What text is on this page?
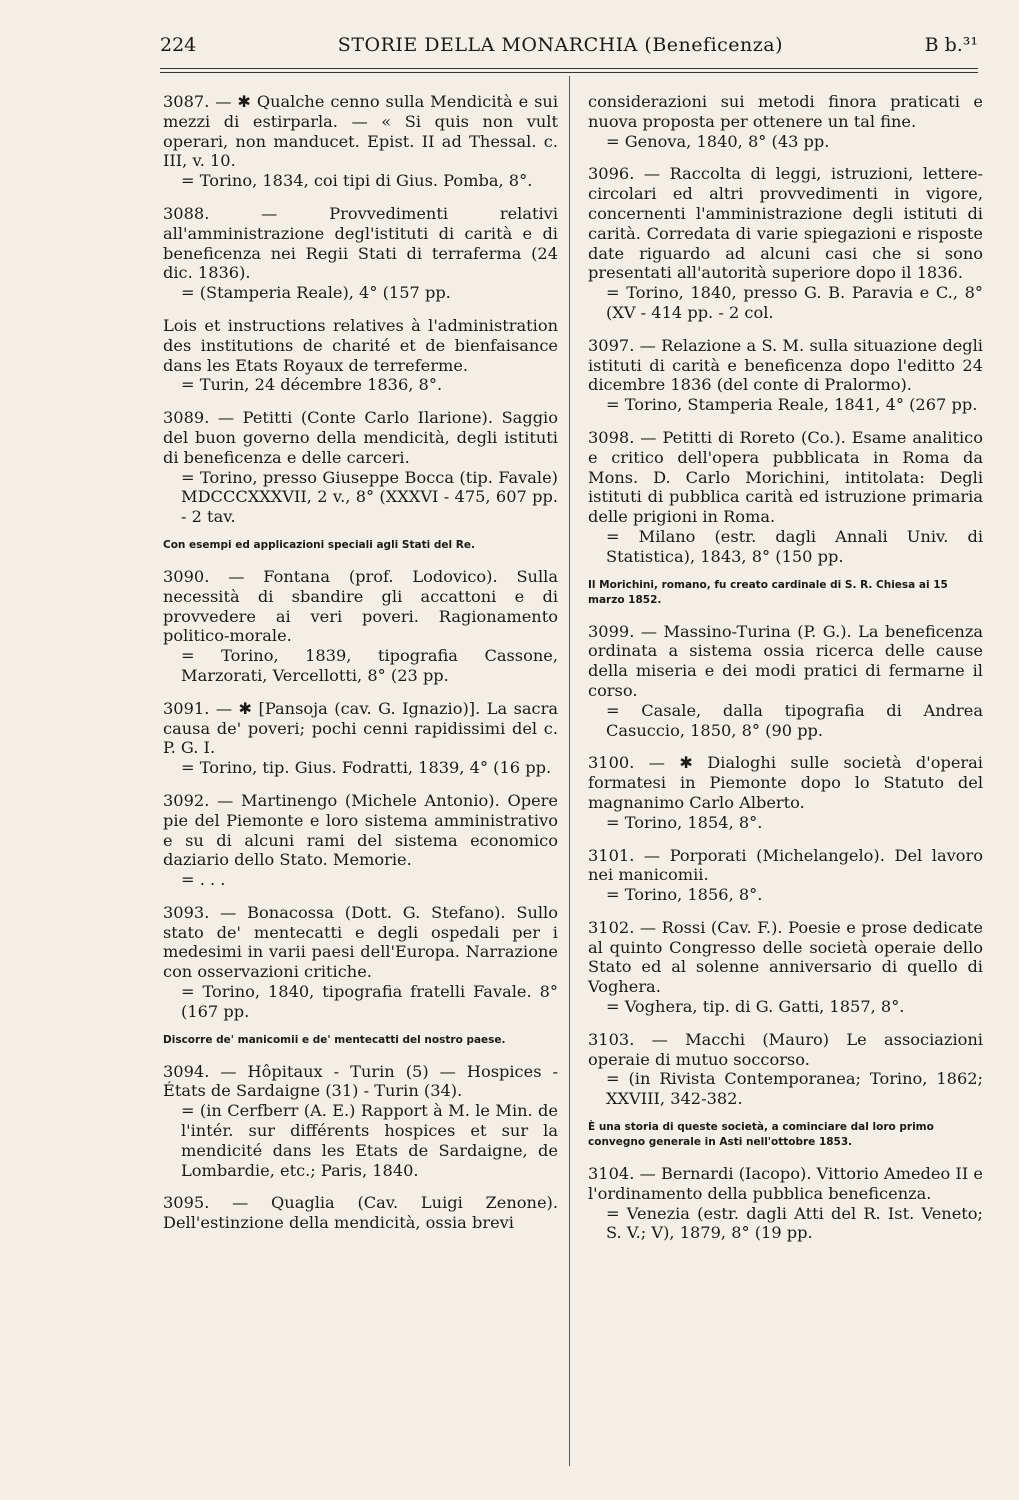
224	STORIE DELLA MONARCHIA (Beneficenza)	B b.³¹
3087. — ✱ Qualche cenno sulla Mendicità e sui mezzi di estirparla. — « Si quis non vult operari, non manducet. Epist. II ad Thessal. c. III, v. 10.
= Torino, 1834, coi tipi di Gius. Pomba, 8°.
3088. — Provvedimenti relativi all'amministrazione degl'istituti di carità e di beneficenza nei Regii Stati di terraferma (24 dic. 1836).
= (Stamperia Reale), 4° (157 pp.
Lois et instructions relatives à l'administration des institutions de charité et de bienfaisance dans les Etats Royaux de terreferme.
= Turin, 24 décembre 1836, 8°.
3089. — Petitti (Conte Carlo Ilarione). Saggio del buon governo della mendicità, degli istituti di beneficenza e delle carceri.
= Torino, presso Giuseppe Bocca (tip. Favale) MDCCCXXXVII, 2 v., 8° (XXXVI - 475, 607 pp. - 2 tav.
Con esempi ed applicazioni speciali agli Stati del Re.
3090. — Fontana (prof. Lodovico). Sulla necessità di sbandire gli accattoni e di provvedere ai veri poveri. Ragionamento politico-morale.
= Torino, 1839, tipografia Cassone, Marzorati, Vercellotti, 8° (23 pp.
3091. — ✱ [Pansoja (cav. G. Ignazio)]. La sacra causa de' poveri; pochi cenni rapidissimi del c. P. G. I.
= Torino, tip. Gius. Fodratti, 1839, 4° (16 pp.
3092. — Martinengo (Michele Antonio). Opere pie del Piemonte e loro sistema amministrativo e su di alcuni rami del sistema economico daziario dello Stato. Memorie.
= . . .
3093. — Bonacossa (Dott. G. Stefano). Sullo stato de' mentecatti e degli ospedali per i medesimi in varii paesi dell'Europa. Narrazione con osservazioni critiche.
= Torino, 1840, tipografia fratelli Favale. 8° (167 pp.
Discorre de' manicomii e de' mentecatti del nostro paese.
3094. — Hôpitaux - Turin (5) — Hospices - États de Sardaigne (31) - Turin (34).
= (in Cerfberr (A. E.) Rapport à M. le Min. de l'intér. sur différents hospices et sur la mendicité dans les Etats de Sardaigne, de Lombardie, etc.; Paris, 1840.
3095. — Quaglia (Cav. Luigi Zenone). Dell'estinzione della mendicità, ossia brevi
considerazioni sui metodi finora praticati e nuova proposta per ottenere un tal fine.
= Genova, 1840, 8° (43 pp.
3096. — Raccolta di leggi, istruzioni, lettere-circolari ed altri provvedimenti in vigore, concernenti l'amministrazione degli istituti di carità. Corredata di varie spiegazioni e risposte date riguardo ad alcuni casi che si sono presentati all'autorità superiore dopo il 1836.
= Torino, 1840, presso G. B. Paravia e C., 8° (XV - 414 pp. - 2 col.
3097. — Relazione a S. M. sulla situazione degli istituti di carità e beneficenza dopo l'editto 24 dicembre 1836 (del conte di Pralormo).
= Torino, Stamperia Reale, 1841, 4° (267 pp.
3098. — Petitti di Roreto (Co.). Esame analitico e critico dell'opera pubblicata in Roma da Mons. D. Carlo Morichini, intitolata: Degli istituti di pubblica carità ed istruzione primaria delle prigioni in Roma.
= Milano (estr. dagli Annali Univ. di Statistica), 1843, 8° (150 pp.
Il Morichini, romano, fu creato cardinale di S. R. Chiesa ai 15 marzo 1852.
3099. — Massino-Turina (P. G.). La beneficenza ordinata a sistema ossia ricerca delle cause della miseria e dei modi pratici di fermarne il corso.
= Casale, dalla tipografia di Andrea Casuccio, 1850, 8° (90 pp.
3100. — ✱ Dialoghi sulle società d'operai formatesi in Piemonte dopo lo Statuto del magnanimo Carlo Alberto.
= Torino, 1854, 8°.
3101. — Porporati (Michelangelo). Del lavoro nei manicomii.
= Torino, 1856, 8°.
3102. — Rossi (Cav. F.). Poesie e prose dedicate al quinto Congresso delle società operaie dello Stato ed al solenne anniversario di quello di Voghera.
= Voghera, tip. di G. Gatti, 1857, 8°.
3103. — Macchi (Mauro) Le associazioni operaie di mutuo soccorso.
= (in Rivista Contemporanea; Torino, 1862; XXVIII, 342-382.
È una storia di queste società, a cominciare dal loro primo convegno generale in Asti nell'ottobre 1853.
3104. — Bernardi (Iacopo). Vittorio Amedeo II e l'ordinamento della pubblica beneficenza.
= Venezia (estr. dagli Atti del R. Ist. Veneto; S. V.; V), 1879, 8° (19 pp.
